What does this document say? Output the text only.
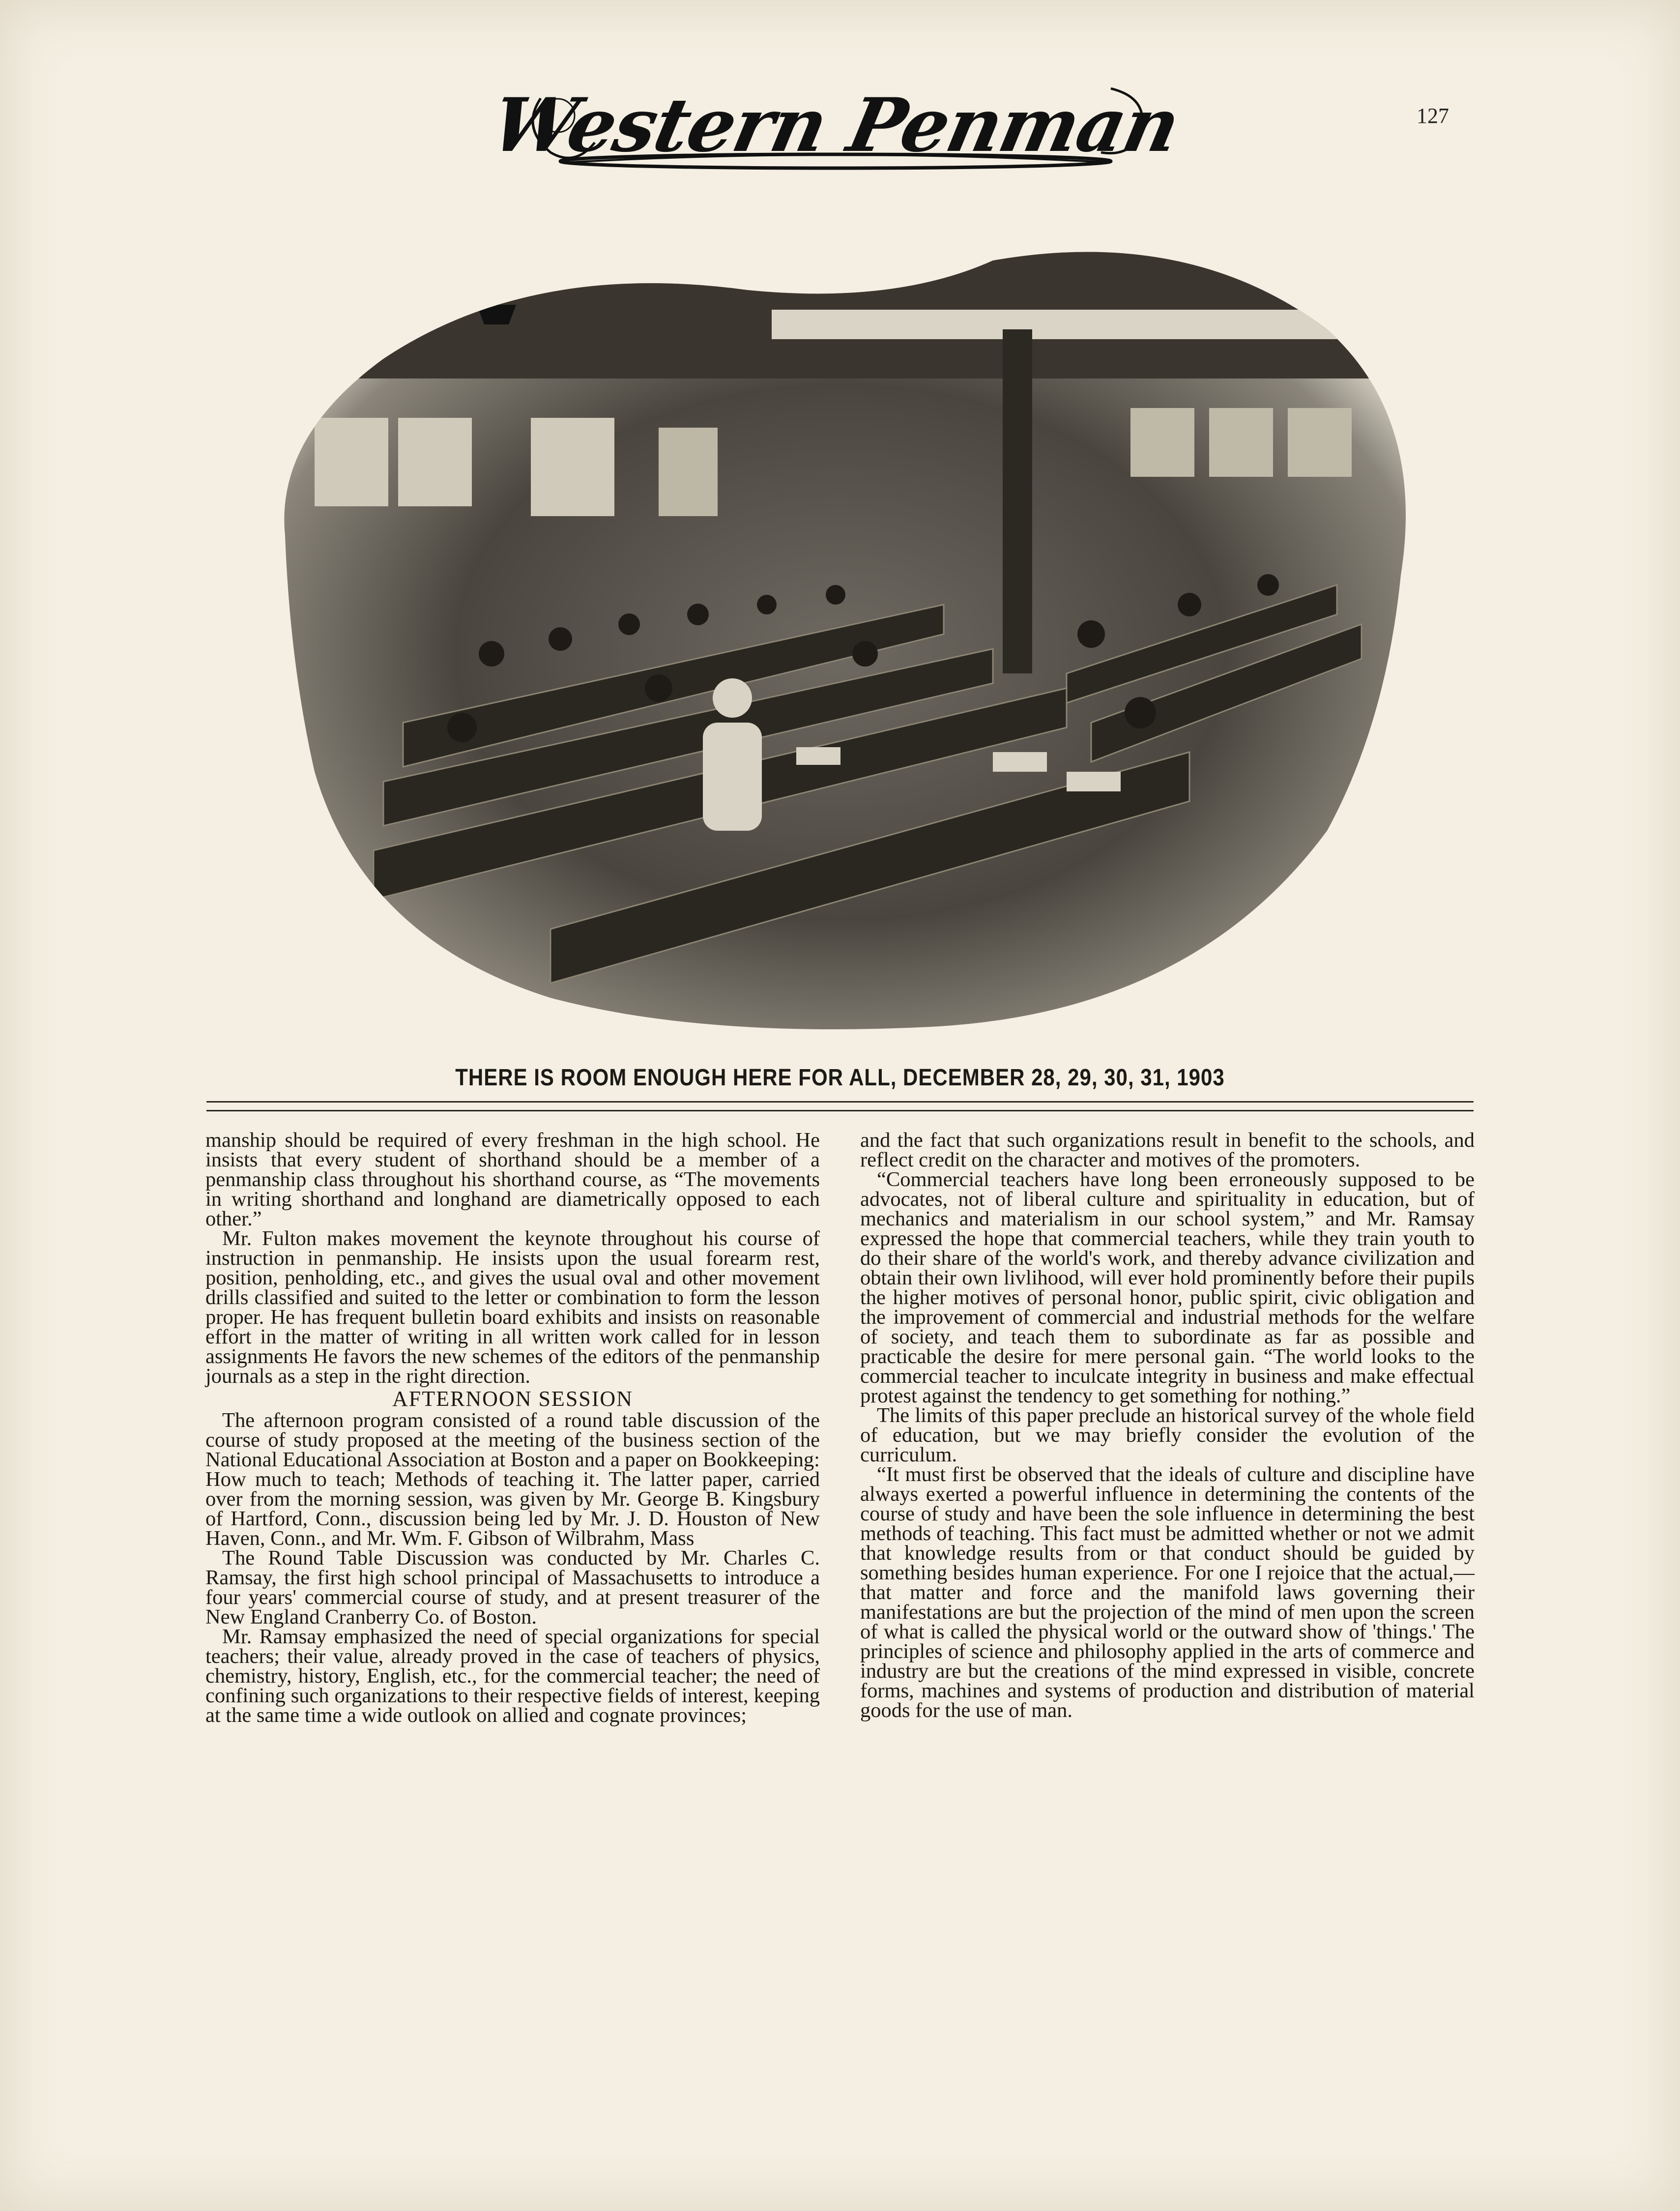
Western Penman	127
THERE IS ROOM ENOUGH HERE FOR ALL, DECEMBER 28, 29, 30, 31, 1903

manship should be required of every freshman in the high school. He insists that every student of shorthand should be a member of a penmanship class throughout his shorthand course, as “The movements in writing shorthand and longhand are diametrically opposed to each other.”

Mr. Fulton makes movement the keynote throughout his course of instruction in penmanship. He insists upon the usual forearm rest, position, penholding, etc., and gives the usual oval and other movement drills classified and suited to the letter or combination to form the lesson proper. He has frequent bulletin board exhibits and insists on reasonable effort in the matter of writing in all written work called for in lesson assignments He favors the new schemes of the editors of the penmanship journals as a step in the right direction.

AFTERNOON SESSION

The afternoon program consisted of a round table discussion of the course of study proposed at the meeting of the business section of the National Educational Association at Boston and a paper on Bookkeeping: How much to teach; Methods of teaching it. The latter paper, carried over from the morning session, was given by Mr. George B. Kingsbury of Hartford, Conn., discussion being led by Mr. J. D. Houston of New Haven, Conn., and Mr. Wm. F. Gibson of Wilbrahm, Mass

The Round Table Discussion was conducted by Mr. Charles C. Ramsay, the first high school principal of Massachusetts to introduce a four years' commercial course of study, and at present treasurer of the New England Cranberry Co. of Boston.

Mr. Ramsay emphasized the need of special organizations for special teachers; their value, already proved in the case of teachers of physics, chemistry, history, English, etc., for the commercial teacher; the need of confining such organizations to their respective fields of interest, keeping at the same time a wide outlook on allied and cognate provinces;

and the fact that such organizations result in benefit to the schools, and reflect credit on the character and motives of the promoters.

“Commercial teachers have long been erroneously supposed to be advocates, not of liberal culture and spirituality in education, but of mechanics and materialism in our school system,” and Mr. Ramsay expressed the hope that commercial teachers, while they train youth to do their share of the world's work, and thereby advance civilization and obtain their own livlihood, will ever hold prominently before their pupils the higher motives of personal honor, public spirit, civic obligation and the improvement of commercial and industrial methods for the welfare of society, and teach them to subordinate as far as possible and practicable the desire for mere personal gain. “The world looks to the commercial teacher to inculcate integrity in business and make effectual protest against the tendency to get something for nothing.”

The limits of this paper preclude an historical survey of the whole field of education, but we may briefly consider the evolution of the curriculum.

“It must first be observed that the ideals of culture and discipline have always exerted a powerful influence in determining the contents of the course of study and have been the sole influence in determining the best methods of teaching. This fact must be admitted whether or not we admit that knowledge results from or that conduct should be guided by something besides human experience. For one I rejoice that the actual,—that matter and force and the manifold laws governing their manifestations are but the projection of the mind of men upon the screen of what is called the physical world or the outward show of 'things.' The principles of science and philosophy applied in the arts of commerce and industry are but the creations of the mind expressed in visible, concrete forms, machines and systems of production and distribution of material goods for the use of man.
